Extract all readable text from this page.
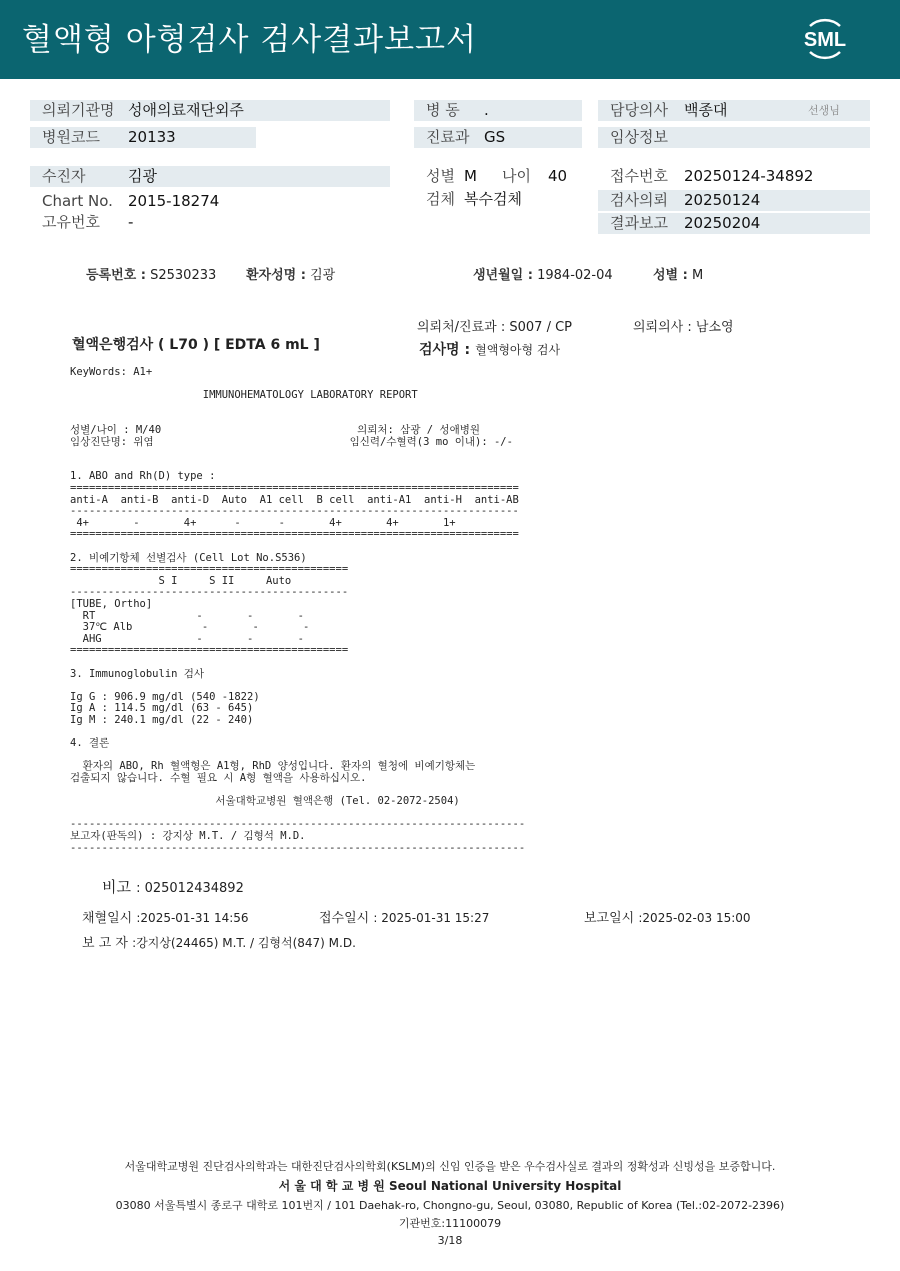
혈액형 아형검사 검사결과보고서	SML
의뢰기관명 성애의료재단외주
병원코드 20133
병 동 .
진료과 GS
담당의사 백종대	선생님
임상정보
수진자	김광
Chart No. 2015-18274
고유번호 -
성별 M 나이 40
검체 복수검체
접수번호 20250124-34892
검사의뢰 20250124
결과보고 20250204
등록번호 : S2530233 환자성명 : 김광	생년월일 : 1984-02-04	성별 : M
의뢰처/진료과 : S007 / CP	의뢰의사 : 남소영
혈액은행검사 ( L70 ) [ EDTA 6 mL ]	검사명 : 혈액형아형 검사
KeyWords: A1+
IMMUNOHEMATOLOGY LABORATORY REPORT
성별/나이 : M/40                               의뢰처: 삼광 / 성애병원
임상진단명: 위염                               임신력/수혈력(3 mo 이내): -/-
1. ABO and Rh(D) type :
=======================================================================
anti-A  anti-B  anti-D  Auto  A1 cell  B cell  anti-A1  anti-H  anti-AB
-----------------------------------------------------------------------
4+       -       4+      -      -       4+       4+       1+
=======================================================================
2. 비예기항체 선별검사 (Cell Lot No.S536)
============================================
S I     S II     Auto
--------------------------------------------
[TUBE, Ortho]
RT                -       -       -
37℃ Alb           -       -       -
AHG               -       -       -
============================================
3. Immunoglobulin 검사
Ig G : 906.9 mg/dl (540 -1822)
Ig A : 114.5 mg/dl (63 - 645)
Ig M : 240.1 mg/dl (22 - 240)
4. 결론
환자의 ABO, Rh 혈액형은 A1형, RhD 양성입니다. 환자의 혈청에 비예기항체는
검출되지 않습니다. 수혈 필요 시 A형 혈액을 사용하십시오.
서울대학교병원 혈액은행 (Tel. 02-2072-2504)
------------------------------------------------------------------------
보고자(판독의) : 강지상 M.T. / 김형석 M.D.
------------------------------------------------------------------------
비고 : 025012434892
채혈일시 :2025-01-31 14:56	접수일시 : 2025-01-31 15:27	보고일시 :2025-02-03 15:00
보 고 자 :강지상(24465) M.T. / 김형석(847) M.D.
서울대학교병원 진단검사의학과는 대한진단검사의학회(KSLM)의 신임 인증을 받은 우수검사실로 결과의 정확성과 신빙성을 보증합니다.
서 울 대 학 교 병 원 Seoul National University Hospital
03080 서울특별시 종로구 대학로 101번지 / 101 Daehak-ro, Chongno-gu, Seoul, 03080, Republic of Korea (Tel.:02-2072-2396)
기관번호:11100079
3/18
